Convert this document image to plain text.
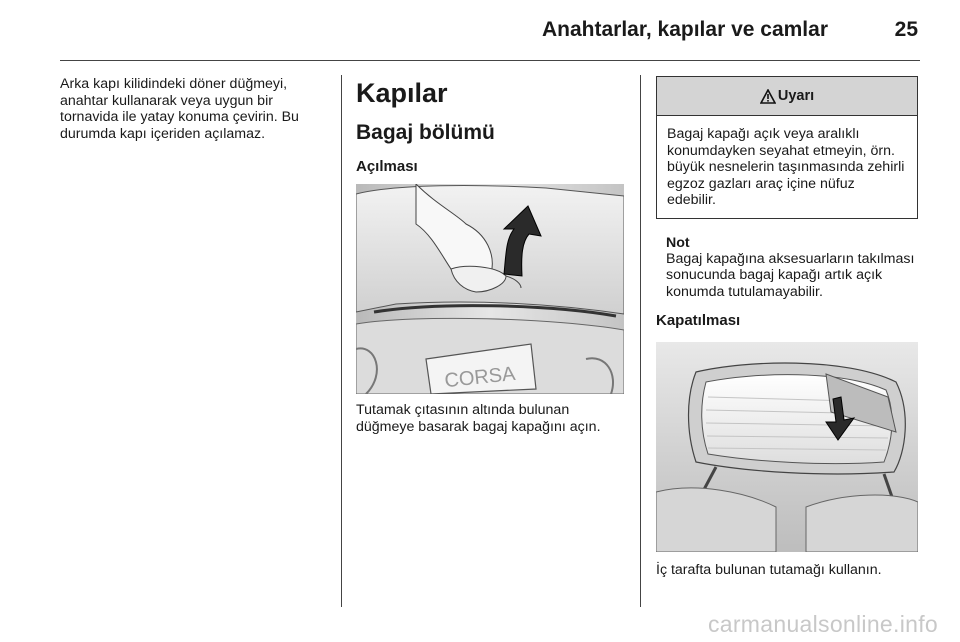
Anahtarlar, kapılar ve camlar	25

Arka kapı kilidindeki döner düğmeyi, anahtar kullanarak veya uygun bir tornavida ile yatay konuma çevirin. Bu durumda kapı içeriden açılamaz.

Kapılar
Bagaj bölümü
Açılması
CORSA

Tutamak çıtasının altında bulunan düğmeye basarak bagaj kapağını açın.

Uyarı
Bagaj kapağı açık veya aralıklı konumdayken seyahat etmeyin, örn. büyük nesnelerin taşınmasında zehirli egzoz gazları araç içine nüfuz edebilir.
Not

Bagaj kapağına aksesuarların takılması sonucunda bagaj kapağı artık açık konumda tutulamayabilir.

Kapatılması

İç tarafta bulunan tutamağı kullanın.

carmanualsonline.info
